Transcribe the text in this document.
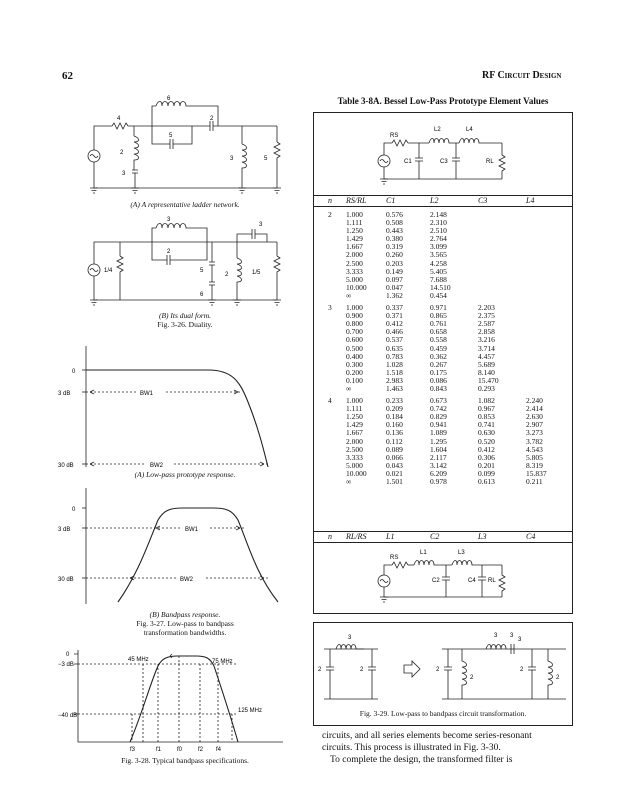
62	RF Circuit Design
6
4
5
2
2
3
3	5
(A) A representative ladder network.
3
2
1/4	5
6
2
3
1/5
(B) Its dual form.
Fig. 3-26. Duality.
0
3 dB
30 dB
BW1
BW2
(A) Low-pass prototype response.
0
3 dB
30 dB
BW1
BW2
(B) Bandpass response.
Fig. 3-27. Low-pass to bandpass
transformation bandwidths.
0
−3 dB
−40 dB
45 MHz	75 MHz
125 MHz
f3	f1	f0	f2 f4
Fig. 3-28. Typical bandpass specifications.
Table 3-8A. Bessel Low-Pass Prototype Element Values
RS
C1
L2
C3
L4
RL
n	RS/RL	C1	L2	C3	L4
2	1.000	0.576	2.148		
	1.111	0.508	2.310		
	1.250	0.443	2.510		
	1.429	0.380	2.764		
	1.667	0.319	3.099		
	2.000	0.260	3.565		
	2.500	0.203	4.258		
	3.333	0.149	5.405		
	5.000	0.097	7.688		
	10.000	0.047	14.510		
	∞	1.362	0.454		
3	1.000	0.337	0.971	2.203	
	0.900	0.371	0.865	2.375	
	0.800	0.412	0.761	2.587	
	0.700	0.466	0.658	2.858	
	0.600	0.537	0.558	3.216	
	0.500	0.635	0.459	3.714	
	0.400	0.783	0.362	4.457	
	0.300	1.028	0.267	5.689	
	0.200	1.518	0.175	8.140	
	0.100	2.983	0.086	15.470	
	∞	1.463	0.843	0.293	
4	1.000	0.233	0.673	1.082	2.240
	1.111	0.209	0.742	0.967	2.414
	1.250	0.184	0.829	0.853	2.630
	1.429	0.160	0.941	0.741	2.907
	1.667	0.136	1.089	0.630	3.273
	2.000	0.112	1.295	0.520	3.782
	2.500	0.089	1.604	0.412	4.543
	3.333	0.066	2.117	0.306	5.805
	5.000	0.043	3.142	0.201	8.319
	10.000	0.021	6.209	0.099	15.837
	∞	1.501	0.978	0.613	0.211
n	RL/RS	L1	C2	L3	C4
RS
L1
C2
L3
C4 RL
3
2	2
3 3
3
2
2
2
2
Fig. 3-29. Low-pass to bandpass circuit transformation.
circuits, and all series elements become series-resonant
circuits. This process is illustrated in Fig. 3-30.
To complete the design, the transformed filter is
